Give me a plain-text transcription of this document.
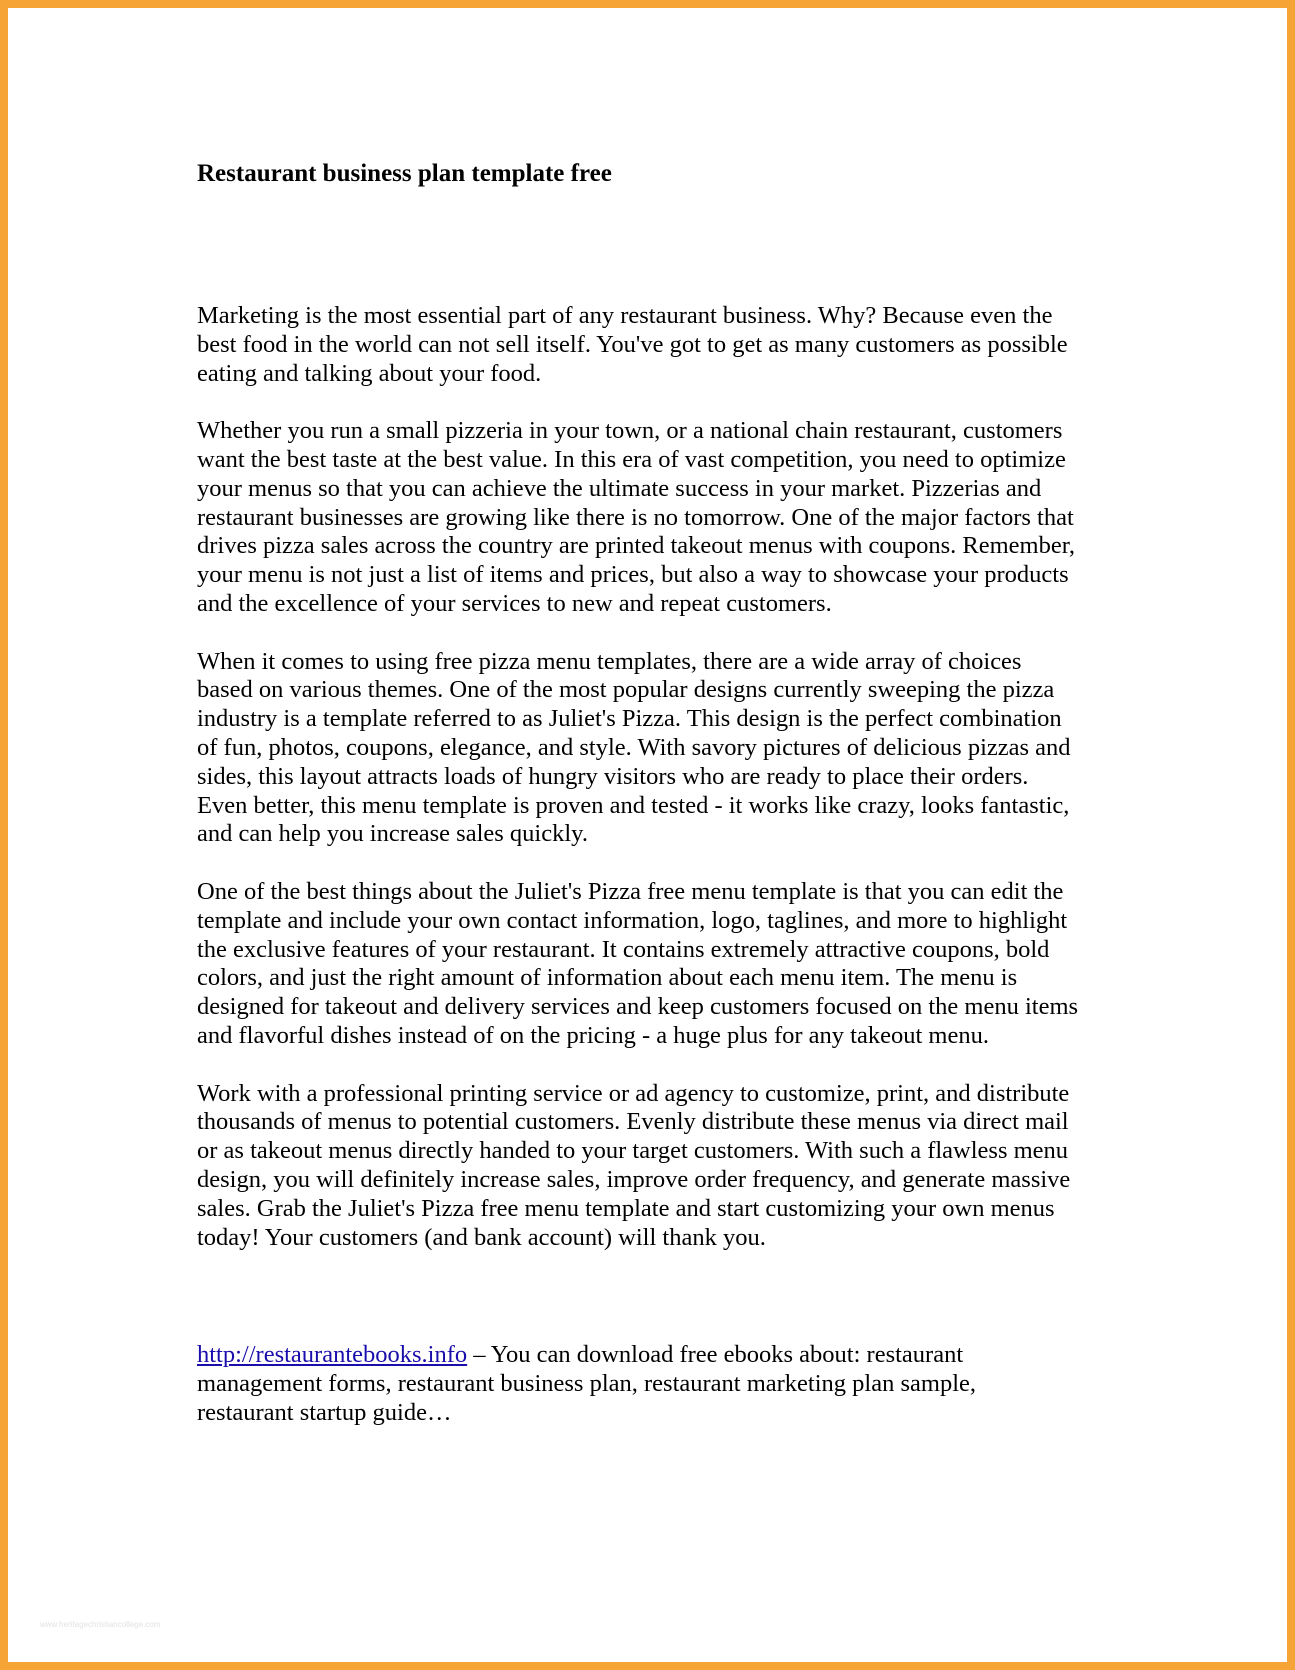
Restaurant business plan template free

Marketing is the most essential part of any restaurant business. Why? Because even the
best food in the world can not sell itself. You've got to get as many customers as possible
eating and talking about your food.

Whether you run a small pizzeria in your town, or a national chain restaurant, customers
want the best taste at the best value. In this era of vast competition, you need to optimize
your menus so that you can achieve the ultimate success in your market. Pizzerias and
restaurant businesses are growing like there is no tomorrow. One of the major factors that
drives pizza sales across the country are printed takeout menus with coupons. Remember,
your menu is not just a list of items and prices, but also a way to showcase your products
and the excellence of your services to new and repeat customers.

When it comes to using free pizza menu templates, there are a wide array of choices
based on various themes. One of the most popular designs currently sweeping the pizza
industry is a template referred to as Juliet's Pizza. This design is the perfect combination
of fun, photos, coupons, elegance, and style. With savory pictures of delicious pizzas and
sides, this layout attracts loads of hungry visitors who are ready to place their orders.
Even better, this menu template is proven and tested - it works like crazy, looks fantastic,
and can help you increase sales quickly.

One of the best things about the Juliet's Pizza free menu template is that you can edit the
template and include your own contact information, logo, taglines, and more to highlight
the exclusive features of your restaurant. It contains extremely attractive coupons, bold
colors, and just the right amount of information about each menu item. The menu is
designed for takeout and delivery services and keep customers focused on the menu items
and flavorful dishes instead of on the pricing - a huge plus for any takeout menu.

Work with a professional printing service or ad agency to customize, print, and distribute
thousands of menus to potential customers. Evenly distribute these menus via direct mail
or as takeout menus directly handed to your target customers. With such a flawless menu
design, you will definitely increase sales, improve order frequency, and generate massive
sales. Grab the Juliet's Pizza free menu template and start customizing your own menus
today! Your customers (and bank account) will thank you.

http://restaurantebooks.info – You can download free ebooks about: restaurant
management forms, restaurant business plan, restaurant marketing plan sample,
restaurant startup guide…
www.heritagechristiancollege.com
